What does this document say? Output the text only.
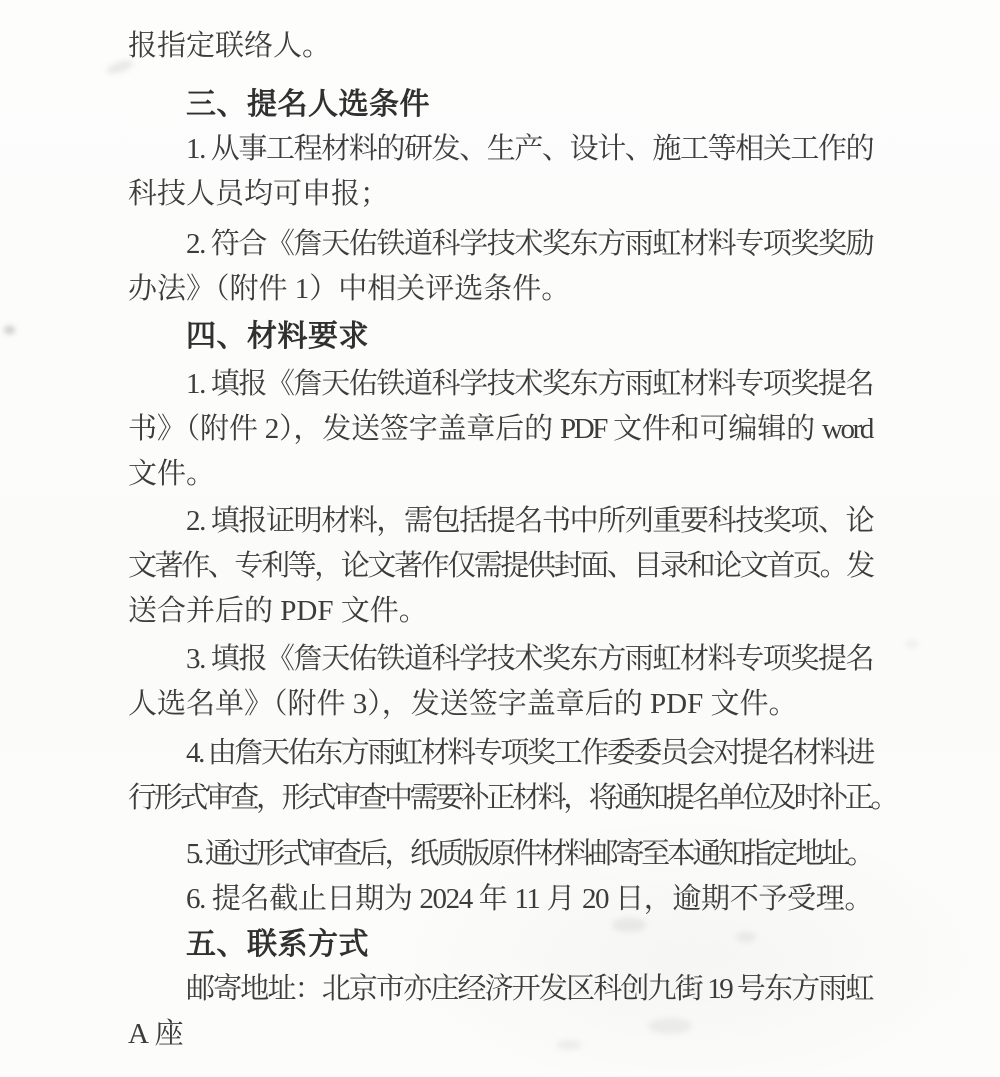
报指定联络人。
三、提名人选条件
1. 从事工程材料的研发、生产、设计、施工等相关工作的
科技人员均可申报；
2. 符合《詹天佑铁道科学技术奖东方雨虹材料专项奖奖励
办法》（附件 1）中相关评选条件。
四、材料要求
1. 填报《詹天佑铁道科学技术奖东方雨虹材料专项奖提名
书》（附件 2），发送签字盖章后的 PDF 文件和可编辑的 word
文件。
2. 填报证明材料，需包括提名书中所列重要科技奖项、论
文著作、专利等，论文著作仅需提供封面、目录和论文首页。发
送合并后的 PDF 文件。
3. 填报《詹天佑铁道科学技术奖东方雨虹材料专项奖提名
人选名单》（附件 3），发送签字盖章后的 PDF 文件。
4. 由詹天佑东方雨虹材料专项奖工作委委员会对提名材料进
行形式审查，形式审查中需要补正材料，将通知提名单位及时补正。
5. 通过形式审查后，纸质版原件材料邮寄至本通知指定地址。
6. 提名截止日期为 2024 年 11 月 20 日，逾期不予受理。
五、联系方式
邮寄地址：北京市亦庄经济开发区科创九街 19 号东方雨虹
A 座
